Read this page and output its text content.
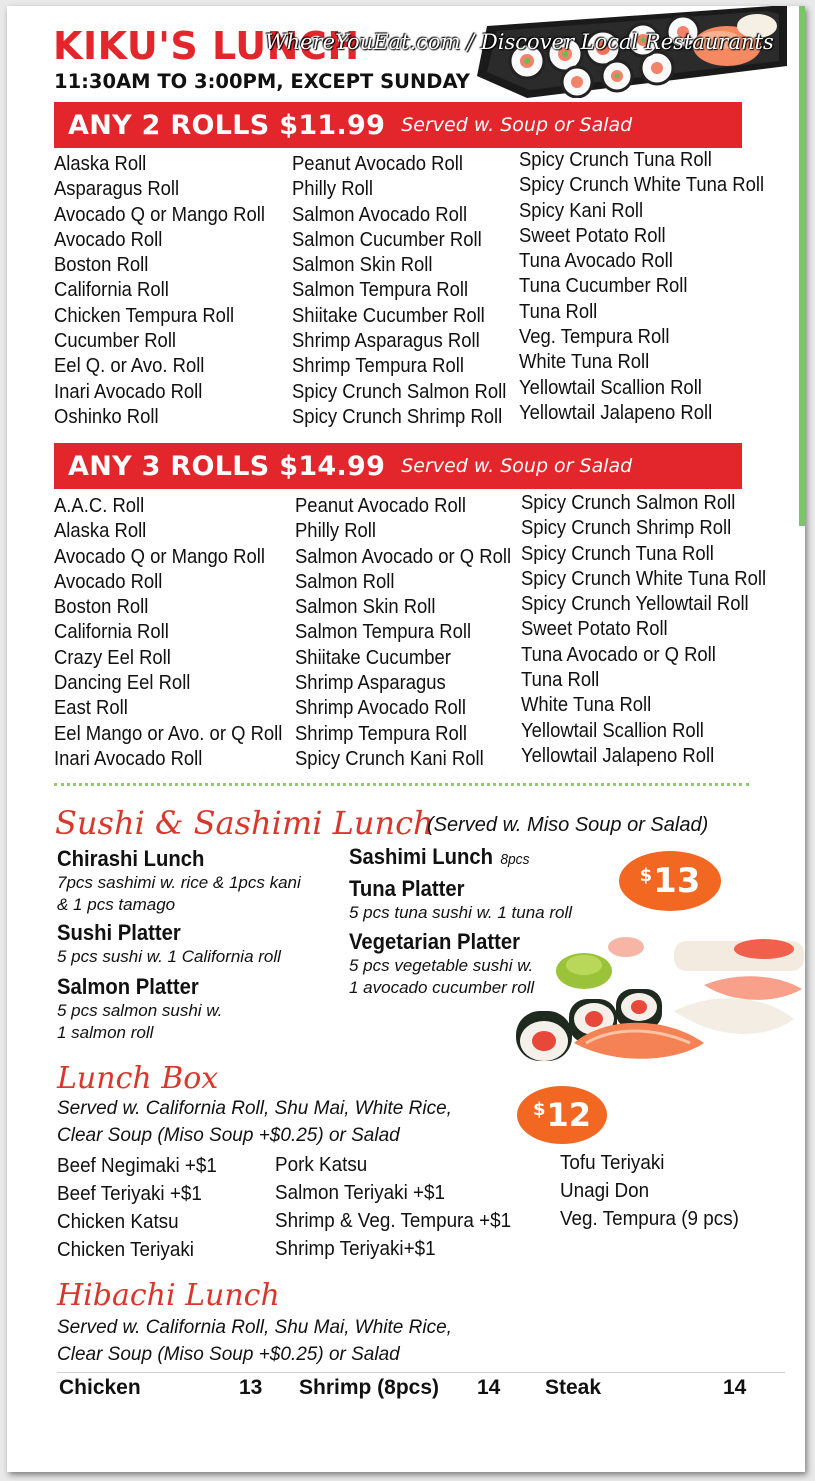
KIKU'S LUNCH
11:30AM TO 3:00PM, EXCEPT SUNDAY
WhereYouEat.com / Discover Local Restaurants
ANY 2 ROLLS $11.99 Served w. Soup or Salad
Alaska Roll
Asparagus Roll
Avocado Q or Mango Roll
Avocado Roll
Boston Roll
California Roll
Chicken Tempura Roll
Cucumber Roll
Eel Q. or Avo. Roll
Inari Avocado Roll
Oshinko Roll
Peanut Avocado Roll
Philly Roll
Salmon Avocado Roll
Salmon Cucumber Roll
Salmon Skin Roll
Salmon Tempura Roll
Shiitake Cucumber Roll
Shrimp Asparagus Roll
Shrimp Tempura Roll
Spicy Crunch Salmon Roll
Spicy Crunch Shrimp Roll
Spicy Crunch Tuna Roll
Spicy Crunch White Tuna Roll
Spicy Kani Roll
Sweet Potato Roll
Tuna Avocado Roll
Tuna Cucumber Roll
Tuna Roll
Veg. Tempura Roll
White Tuna Roll
Yellowtail Scallion Roll
Yellowtail Jalapeno Roll
ANY 3 ROLLS $14.99 Served w. Soup or Salad
A.A.C. Roll
Alaska Roll
Avocado Q or Mango Roll
Avocado Roll
Boston Roll
California Roll
Crazy Eel Roll
Dancing Eel Roll
East Roll
Eel Mango or Avo. or Q Roll
Inari Avocado Roll
Peanut Avocado Roll
Philly Roll
Salmon Avocado or Q Roll
Salmon Roll
Salmon Skin Roll
Salmon Tempura Roll
Shiitake Cucumber
Shrimp Asparagus
Shrimp Avocado Roll
Shrimp Tempura Roll
Spicy Crunch Kani Roll
Spicy Crunch Salmon Roll
Spicy Crunch Shrimp Roll
Spicy Crunch Tuna Roll
Spicy Crunch White Tuna Roll
Spicy Crunch Yellowtail Roll
Sweet Potato Roll
Tuna Avocado or Q Roll
Tuna Roll
White Tuna Roll
Yellowtail Scallion Roll
Yellowtail Jalapeno Roll
Sushi & Sashimi Lunch
(Served w. Miso Soup or Salad)
Chirashi Lunch
7pcs sashimi w. rice & 1pcs kani
& 1 pcs tamago
Sushi Platter
5 pcs sushi w. 1 California roll
Salmon Platter
5 pcs salmon sushi w.
1 salmon roll
Sashimi Lunch 8pcs
Tuna Platter
5 pcs tuna sushi w. 1 tuna roll
Vegetarian Platter
5 pcs vegetable sushi w.
1 avocado cucumber roll
$ 13
Lunch Box
Served w. California Roll, Shu Mai, White Rice,
Clear Soup (Miso Soup +$0.25) or Salad
$ 12
Beef Negimaki +$1
Beef Teriyaki +$1
Chicken Katsu
Chicken Teriyaki
Pork Katsu
Salmon Teriyaki +$1
Shrimp & Veg. Tempura +$1
Shrimp Teriyaki+$1
Tofu Teriyaki
Unagi Don
Veg. Tempura (9 pcs)
Hibachi Lunch
Served w. California Roll, Shu Mai, White Rice,
Clear Soup (Miso Soup +$0.25) or Salad
Chicken	13 Shrimp (8pcs) 14 Steak	14
